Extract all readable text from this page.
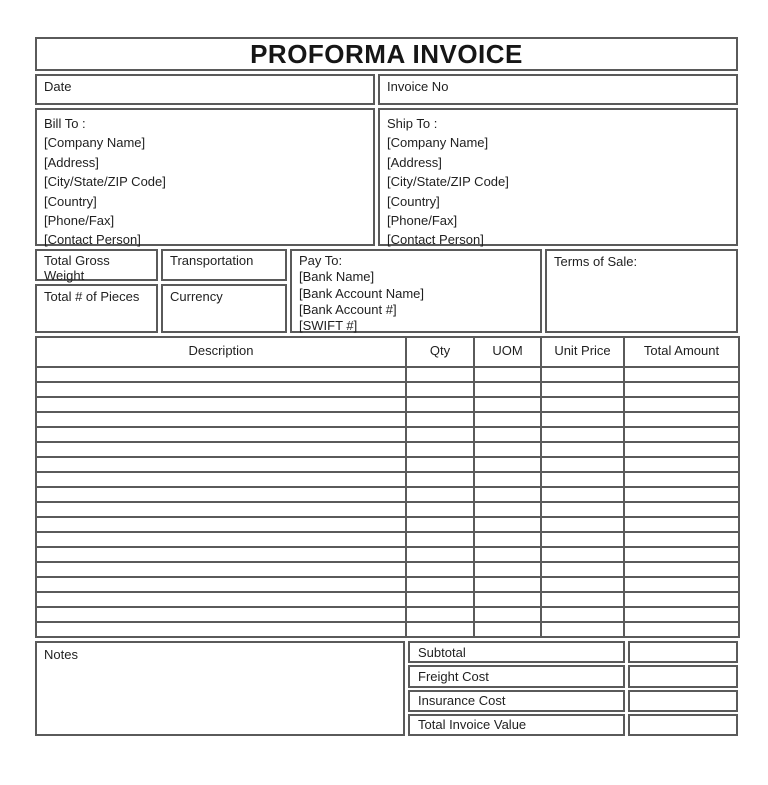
PROFORMA INVOICE
Date	Invoice No
Bill To :
[Company Name]
[Address]
[City/State/ZIP Code]
[Country]
[Phone/Fax]
[Contact Person]
Ship To :
[Company Name]
[Address]
[City/State/ZIP Code]
[Country]
[Phone/Fax]
[Contact Person]
Total Gross Weight
Total # of Pieces
Transportation
Currency
Pay To:
[Bank Name]
[Bank Account Name]
[Bank Account #]
[SWIFT #]
Terms of Sale:
Description	Qty	UOM	Unit Price	Total Amount

Notes	Subtotal
Freight Cost
Insurance Cost
Total Invoice Value
